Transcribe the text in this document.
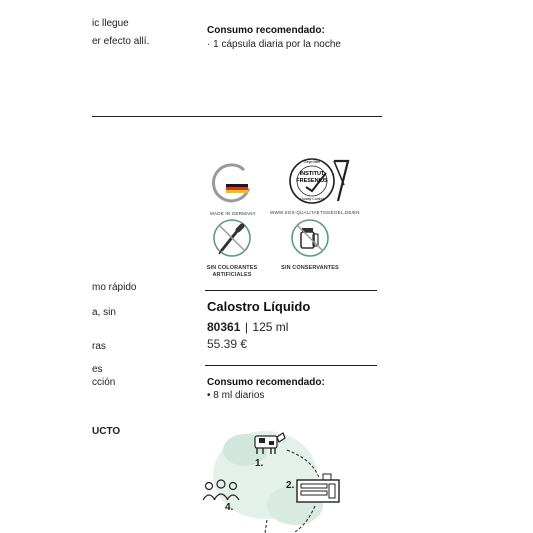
ic llegue
er efecto allí.
mo rápido
a, sin
ras
es
cción
UCTO
Consumo recomendado:
· 1 cápsula diaria por la noche
MADE IN GERMANY
Geprüfter
INSTITUT
FRESENIUS
Quality Control
WWW.SGS-QUALITAETSSIEGEL.DE/EN
SIN COLORANTES
ARTIFICIALES
SIN CONSERVANTES
Calostro Líquido
80361 | 125 ml
55.39 €
Consumo recomendado:
• 8 ml diarios
1.
2.
4.
